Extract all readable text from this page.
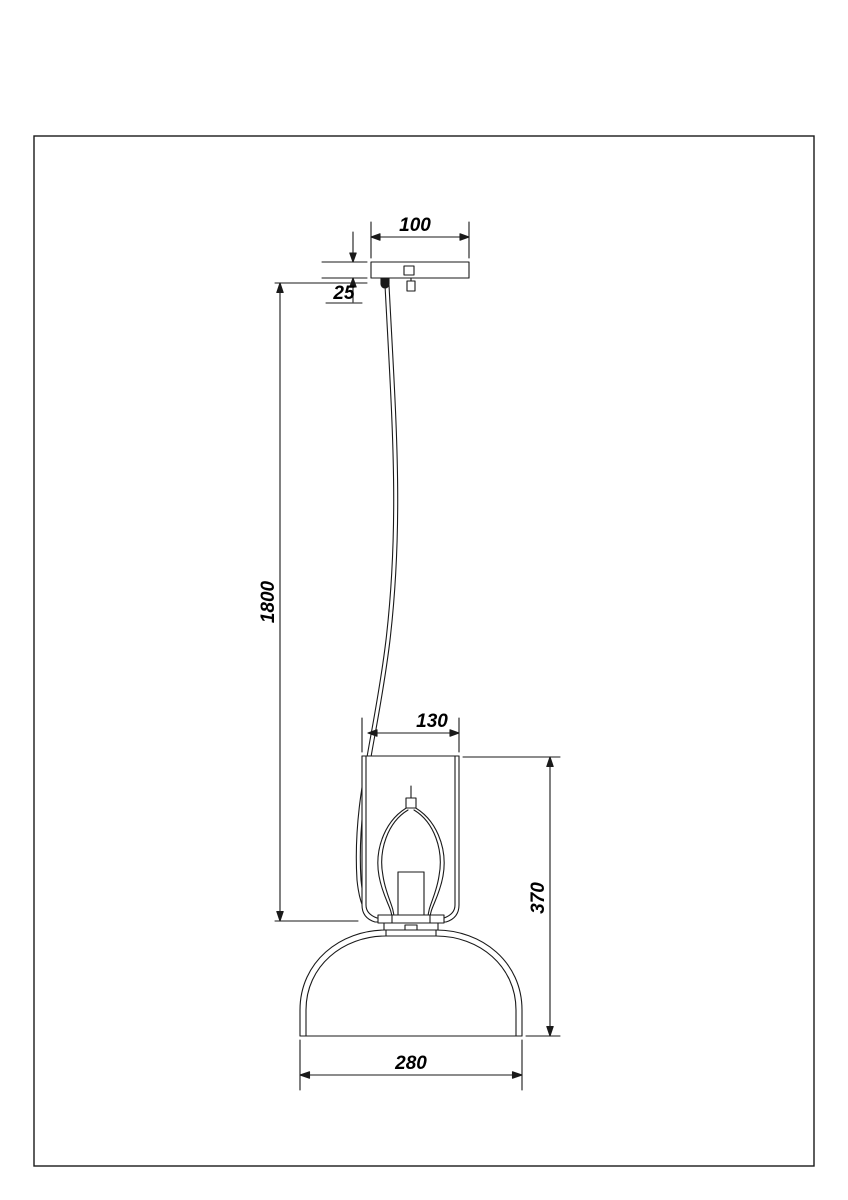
100
25
1800
130
370
280
